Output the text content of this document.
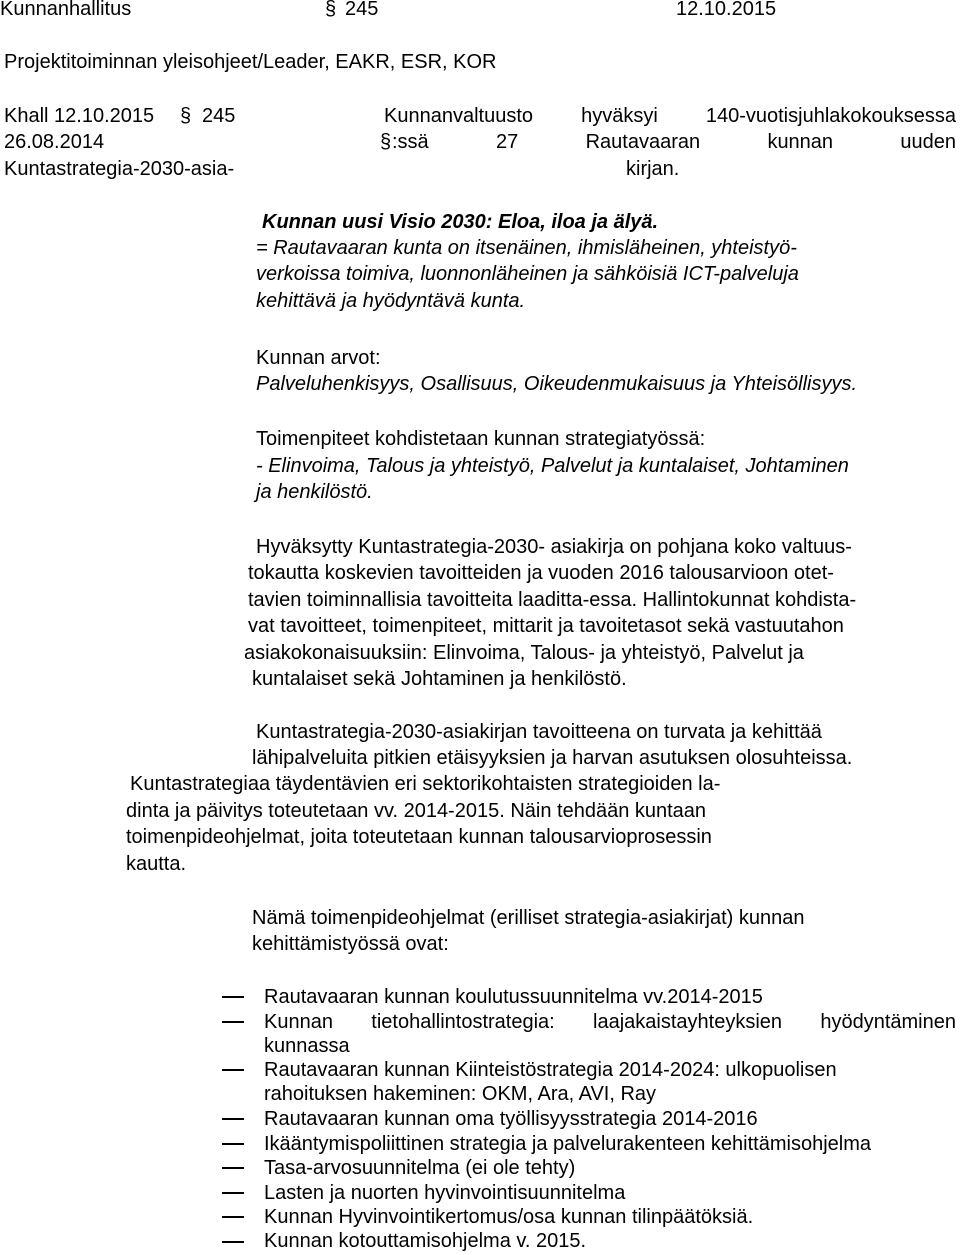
Kunnanhallitus	§ 245	12.10.2015
Projektitoiminnan yleisohjeet/Leader, EAKR, ESR, KOR
Khall 12.10.2015 § 245
26.08.2014
Kuntastrategia-2030-asia-
Kunnanvaltuusto hyväksyi 140-vuotisjuhlakokouksessa
§ :ssä 27 Rautavaaran kunnan uuden
kirjan.
Kunnan uusi Visio 2030: Eloa, iloa ja älyä.
= Rautavaaran kunta on itsenäinen, ihmisläheinen, yhteistyö-
verkoissa toimiva, luonnonläheinen ja sähköisiä ICT-palveluja
kehittävä ja hyödyntävä kunta.
Kunnan arvot:
Palveluhenkisyys, Osallisuus, Oikeudenmukaisuus ja Yhteisöllisyys.
Toimenpiteet kohdistetaan kunnan strategiatyössä:
- Elinvoima, Talous ja yhteistyö, Palvelut ja kuntalaiset, Johtaminen
ja henkilöstö.
Hyväksytty Kuntastrategia-2030- asiakirja on pohjana koko valtuus-
tokautta koskevien tavoitteiden ja vuoden 2016 talousarvioon otet-
tavien toiminnallisia tavoitteita laaditta-essa. Hallintokunnat kohdista-
vat tavoitteet, toimenpiteet, mittarit ja tavoitetasot sekä vastuutahon
asiakokonaisuuksiin: Elinvoima, Talous- ja yhteistyö, Palvelut ja
kuntalaiset sekä Johtaminen ja henkilöstö.
Kuntastrategia-2030-asiakirjan tavoitteena on turvata ja kehittää
lähipalveluita pitkien etäisyyksien ja harvan asutuksen olosuhteissa.
Kuntastrategiaa täydentävien eri sektorikohtaisten strategioiden la-
dinta ja päivitys toteutetaan vv. 2014-2015. Näin tehdään kuntaan
toimenpideohjelmat, joita toteutetaan kunnan talousarvioprosessin
kautta.
Nämä toimenpideohjelmat (erilliset strategia-asiakirjat) kunnan
kehittämistyössä ovat:
Rautavaaran kunnan koulutussuunnitelma vv.2014-2015
Kunnan tietohallintostrategia: laajakaistayhteyksien hyödyntäminen
kunnassa
Rautavaaran kunnan Kiinteistöstrategia 2014-2024: ulkopuolisen
rahoituksen hakeminen: OKM, Ara, AVI, Ray
Rautavaaran kunnan oma työllisyysstrategia 2014-2016
Ikääntymispoliittinen strategia ja palvelurakenteen kehittämisohjelma
Tasa-arvosuunnitelma (ei ole tehty)
Lasten ja nuorten hyvinvointisuunnitelma
Kunnan Hyvinvointikertomus/osa kunnan tilinpäätöksiä.
Kunnan kotouttamisohjelma v. 2015.
